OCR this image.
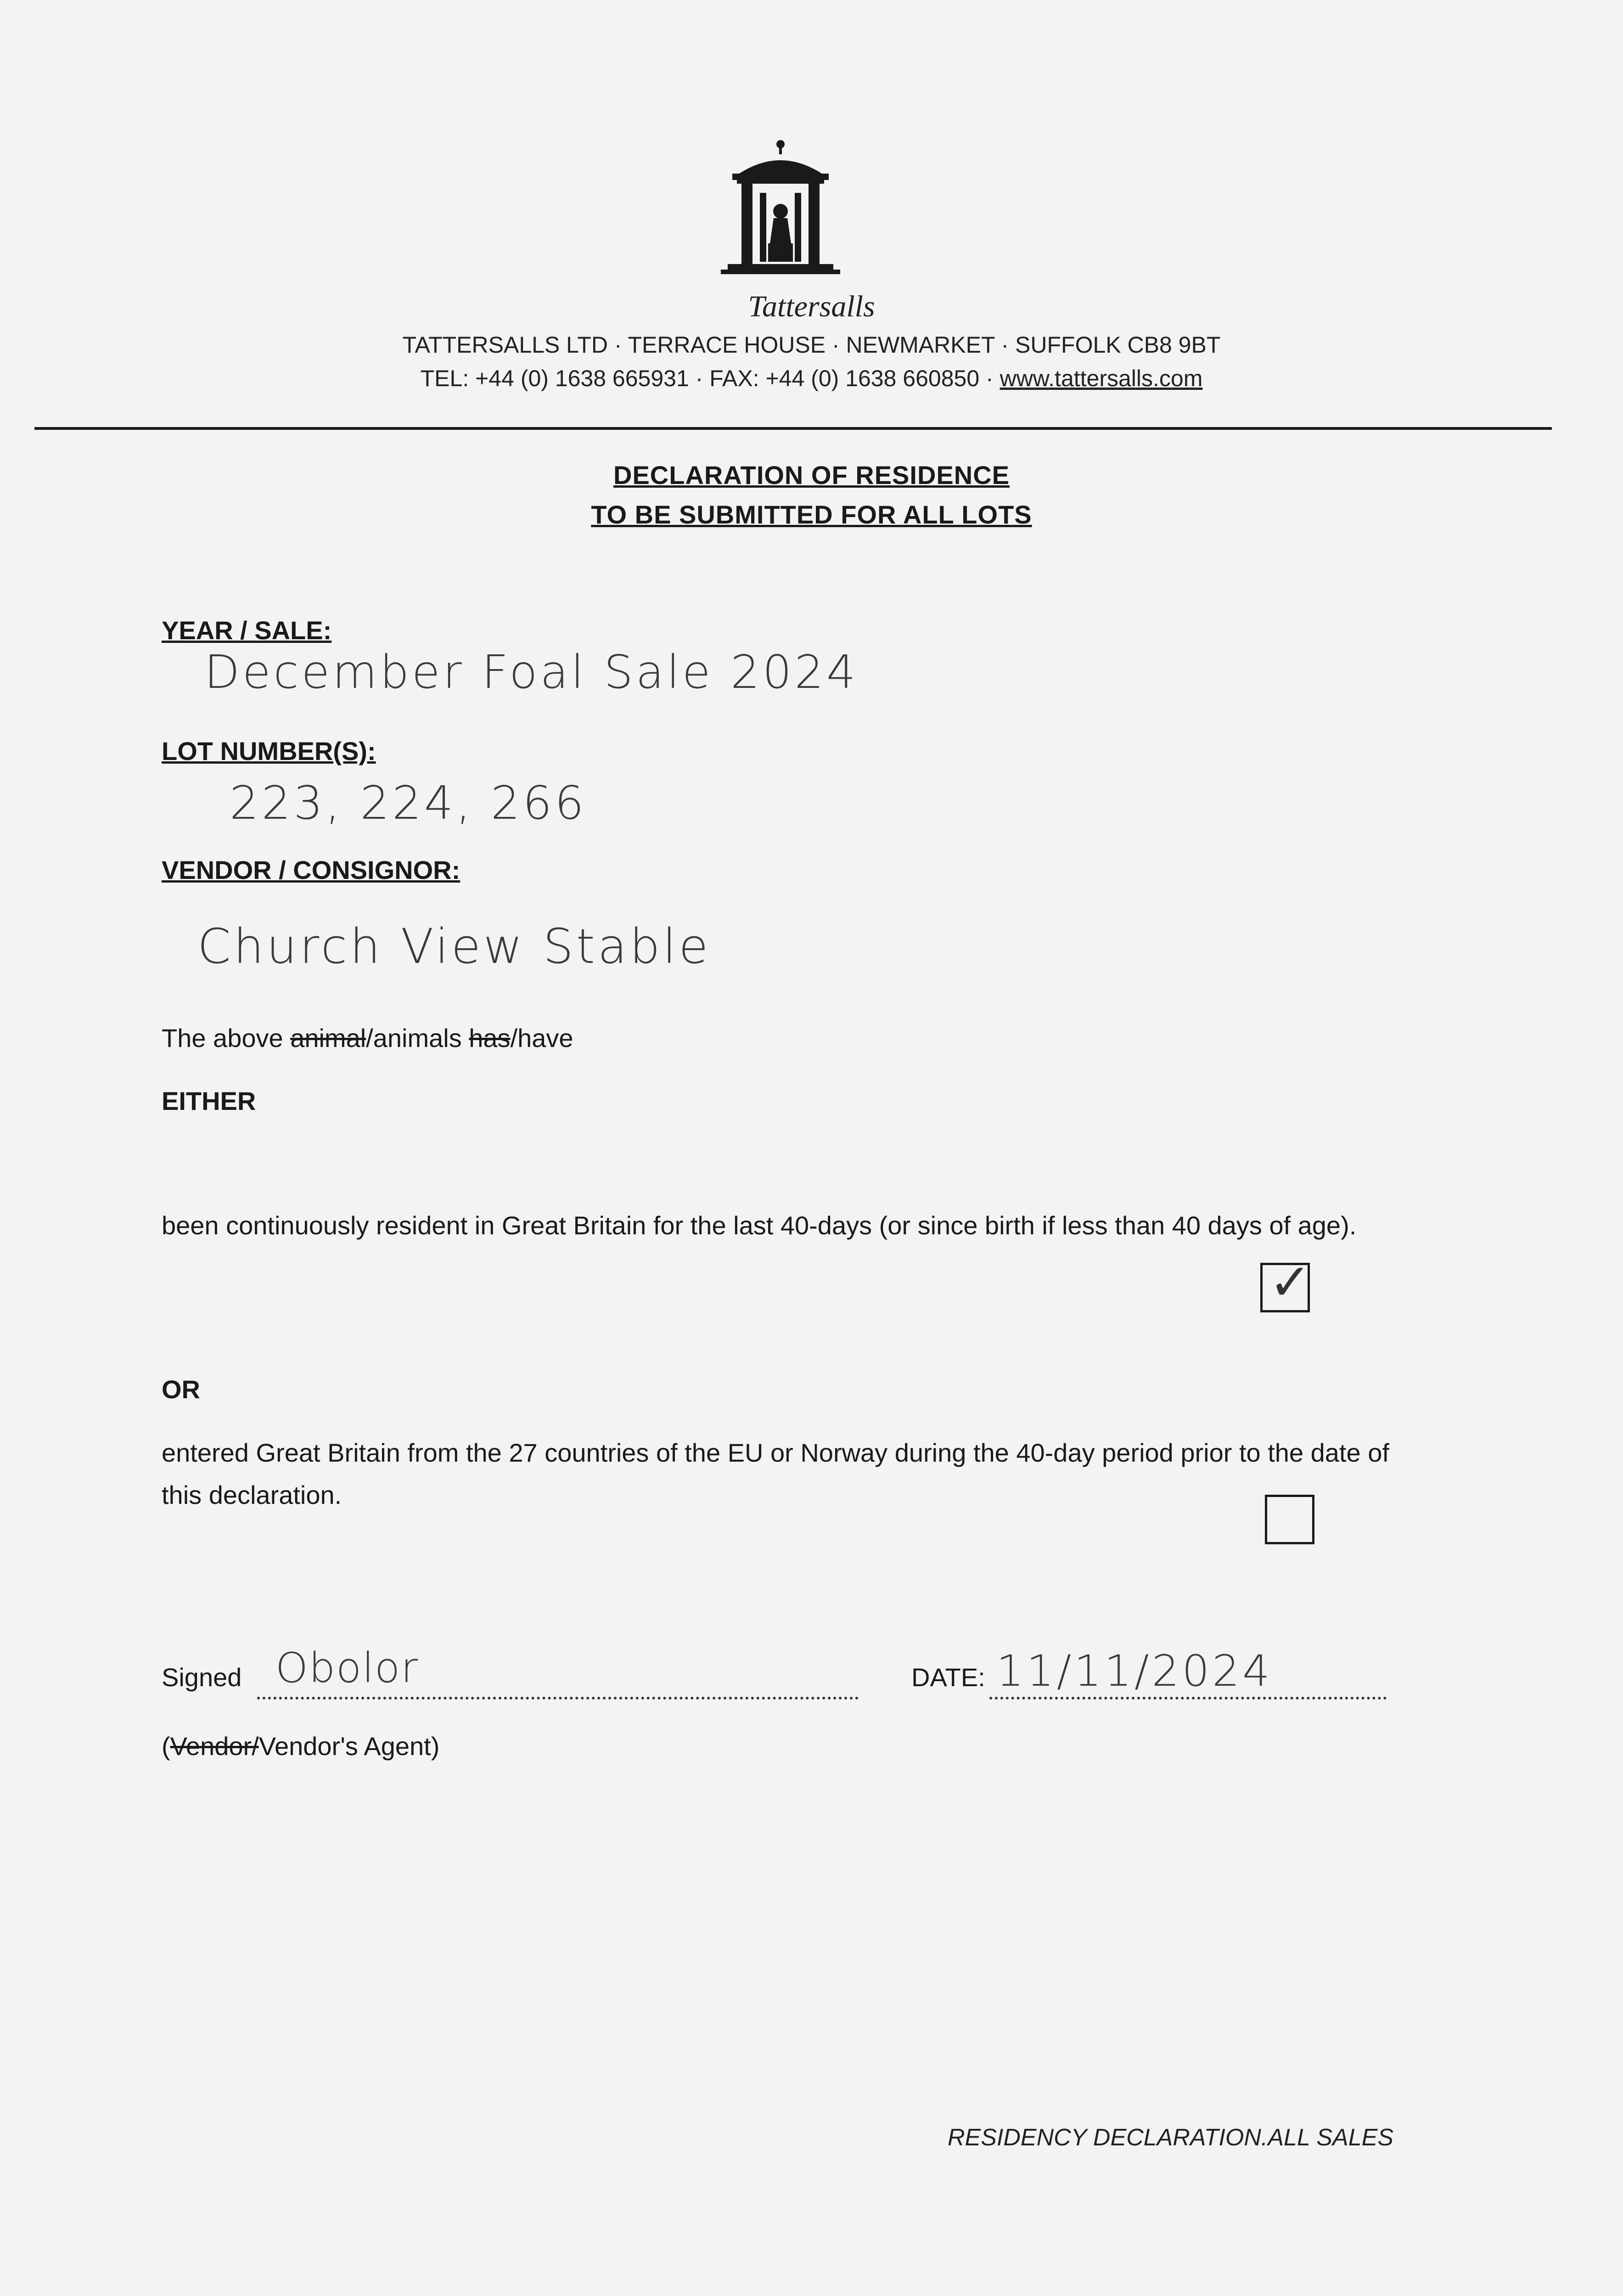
Tattersalls
TATTERSALLS LTD · TERRACE HOUSE · NEWMARKET · SUFFOLK CB8 9BT
TEL: +44 (0) 1638 665931 · FAX: +44 (0) 1638 660850 · www.tattersalls.com
DECLARATION OF RESIDENCE
TO BE SUBMITTED FOR ALL LOTS
YEAR / SALE:
December Foal Sale 2024
LOT NUMBER(S):
223, 224, 266
VENDOR / CONSIGNOR:
Church View Stable
The above animal/animals has/have
EITHER
been continuously resident in Great Britain for the last 40-days (or since birth if less than 40 days of age).
✓
OR
entered Great Britain from the 27 countries of the EU or Norway during the 40-day period prior to the date of this declaration.
Signed Obolor	DATE: 11/11/2024
(Vendor/Vendor's Agent)
RESIDENCY DECLARATION.ALL SALES
